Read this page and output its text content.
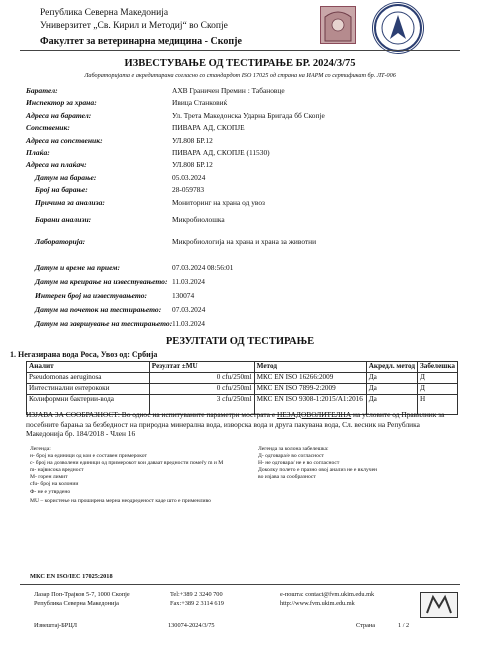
Република Северна Македонија
Универзитет „Св. Кирил и Методиј“ во Скопје
Факултет за ветеринарна медицина - Скопје
ИЗВЕСТУВАЊЕ ОД ТЕСТИРАЊЕ БР. 2024/3/75
Лабораторијата е акредитирана согласно со стандардот ISO 17025 од страна на ИАРМ со сертификат бр. ЛТ-006
Барател:	АХВ Граничен Премин : Табановце
Инспектор за храна:	Ивица Станковиќ
Адреса на барател:	Ул. Трета Македонска Ударна Бригада бб Скопје
Сопственик:	ПИВАРА АД, СКОПЈЕ
Адреса на сопственик:	УЛ.808 БР.12
Плаќа:	ПИВАРА АД, СКОПЈЕ (11530)
Адреса на плаќач:	УЛ.808 БР.12
Датум на барање:	05.03.2024
Број на барање:	28-059783
Причина за анализа:	Мониторинг на храна од увоз
Барани анализи:	Микробиолошка
Лабораторија:	Микробиологија на храна и храна за животни
Датум и време на прием:	07.03.2024 08:56:01
Датум на креирање на известувањето: 11.03.2024
Интерен број на известувањето:	130074
Датум на почеток на тестирањето: 07.03.2024
Датум на завршување на тестирањето: 11.03.2024
РЕЗУЛТАТИ ОД ТЕСТИРАЊЕ
1. Негазирана вода Роса, Увоз од: Србија
Аналит	Резултат ±MU	Метод	Акредл. метод	Забелешка
Pseudomonas aeruginosa	0 cfu/250ml	МКС EN ISO 16266:2009	Да	Д
Интестинални ентерококи	0 cfu/250ml	МКС EN ISO 7899-2:2009	Да	Д
Колиформни бактерии-вода	3 cfu/250ml	МКС EN ISO 9308-1:2015/A1:2016	Да	Н
ИЗЈАВА ЗА СООБРАЗНОСТ: Во однос на испитуваните параметри мострата е НЕЗАДОВОЛИТЕЛНА на условите од Правилник за посебните барања за безбедност на природна минерална вода, изворска вода и друга пакувана вода, Сл. весник на Република Македонија бр. 184/2018 - Член 16
Легенда:
н- број на единици од кои е составен примерокот
с- број на дозволени единици од примерокот кои даваат вредности помеѓу m и M
m- највисока вредност
M- горен лимит
cfu- број на колонии
Ф- не е утврдено
Легенда за колона забелешка:
Д- одговара/е во согласност
Н- не одговара/ не е во согласност
Доколку полето е празно овој анализ не е вклучен
во изјава за сообразност
MU – користење на проширена мерна неодреденост каде што е применливо
МКС EN ISO/IEC 17025:2018
Лазар Поп-Трајков 5-7, 1000 Скопје
Република Северна Македонија
Tel:+389 2 3240 700
Fax:+389 2 3114 619
e-пошта: contact@fvm.ukim.edu.mk
http://www.fvm.ukim.edu.mk
Извештај-БРЦЛ	130074-2024/3/75	Страна	1 / 2
